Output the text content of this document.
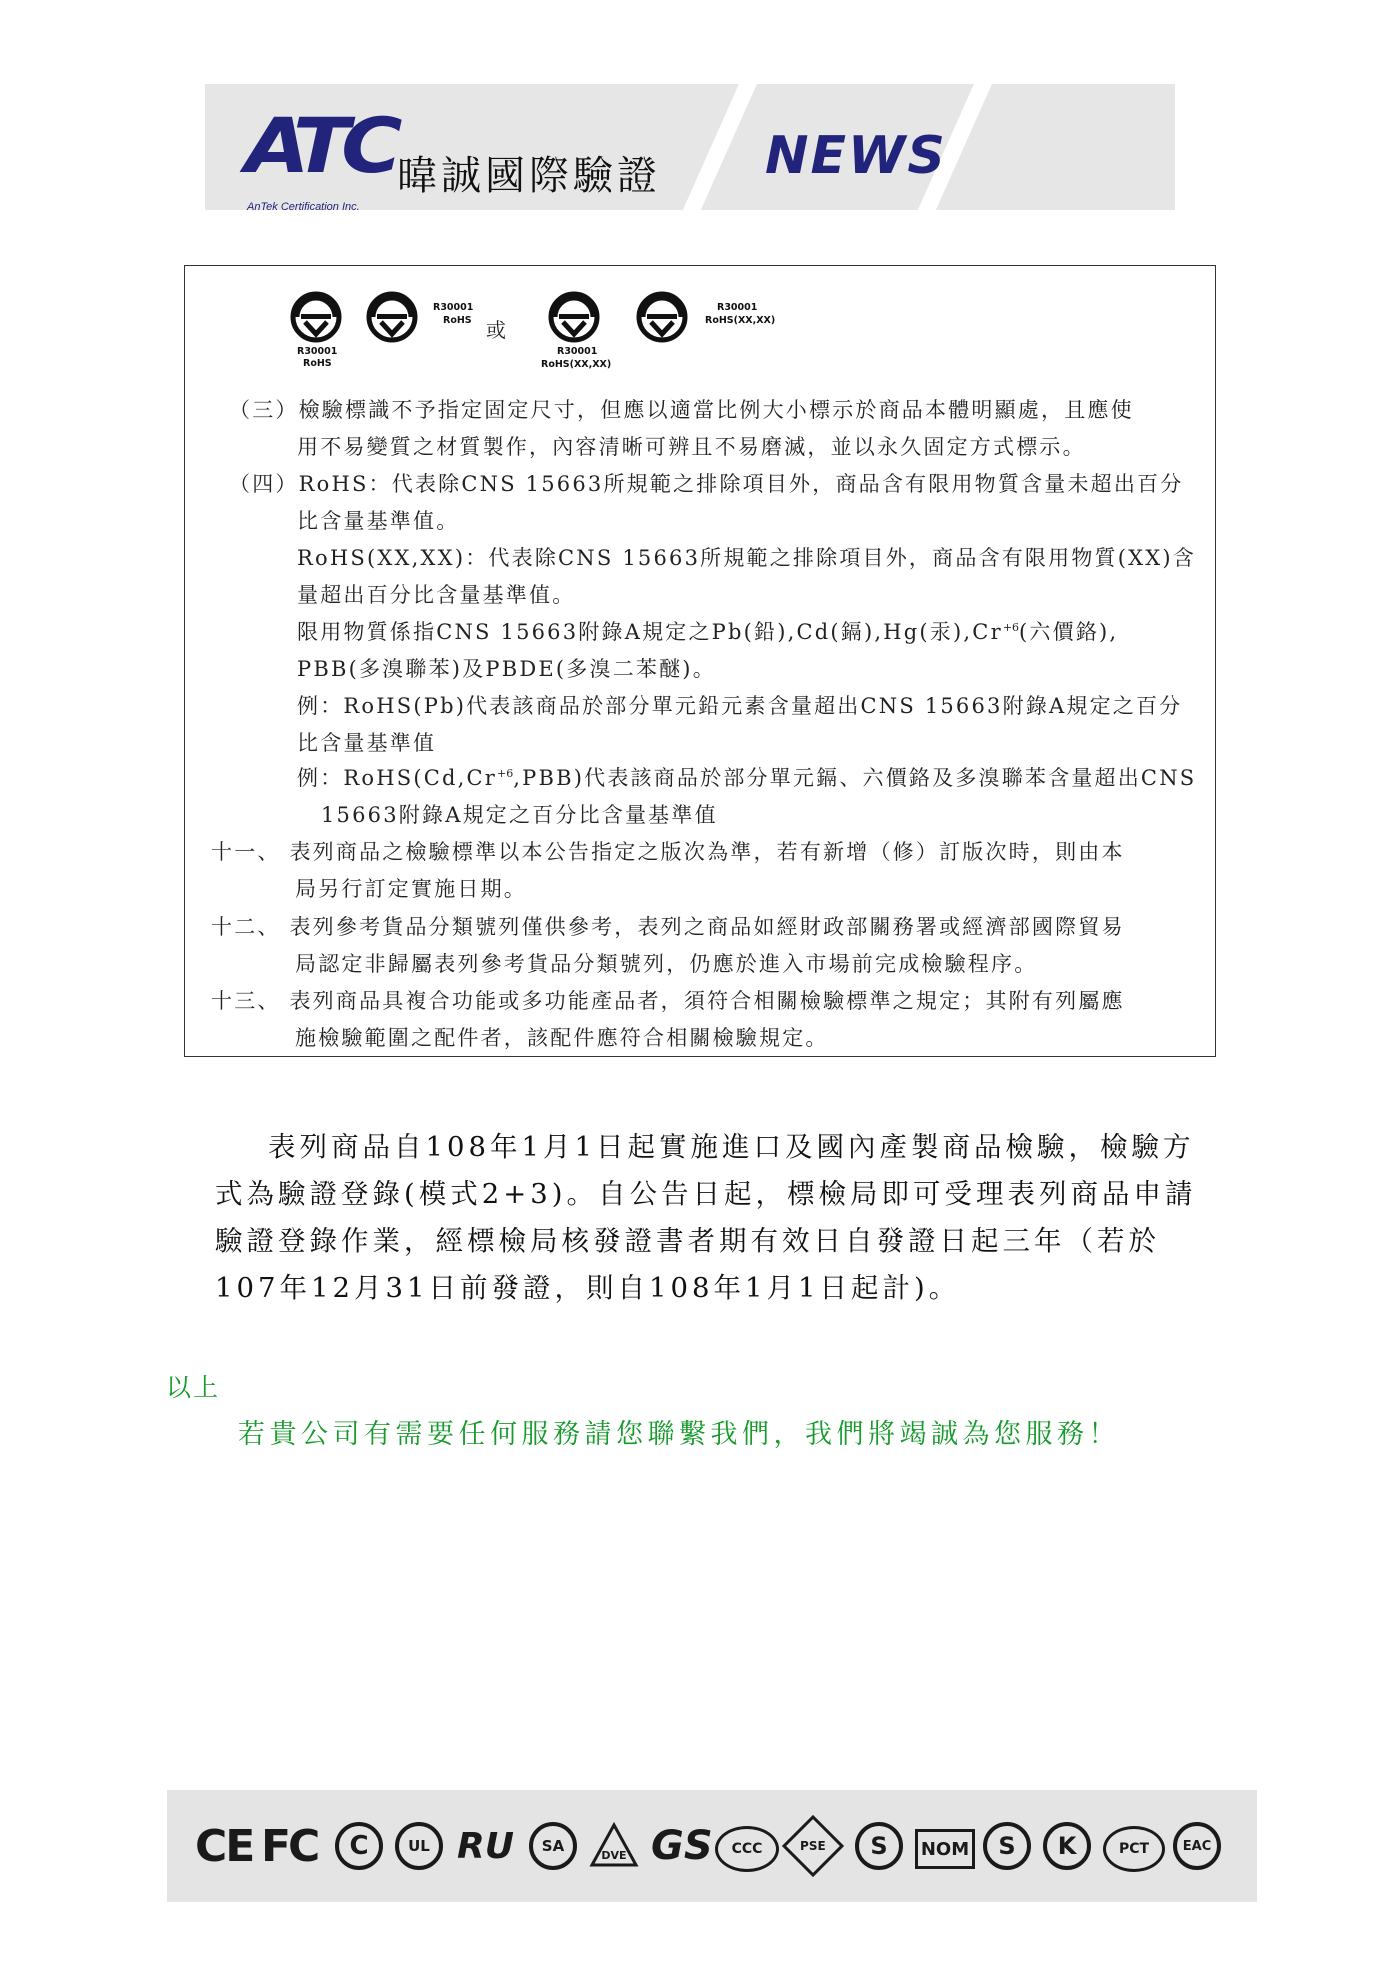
ATC
AnTek Certification Inc.
暐誠國際驗證 NEWS
R30001
RoHS
R30001
RoHS 或
R30001
RoHS(XX,XX)
R30001
RoHS(XX,XX)
（三）檢驗標識不予指定固定尺寸，但應以適當比例大小標示於商品本體明顯處，且應使
用不易變質之材質製作，內容清晰可辨且不易磨滅，並以永久固定方式標示。
（四）RoHS：代表除CNS 15663所規範之排除項目外，商品含有限用物質含量未超出百分
比含量基準值。
RoHS(XX,XX)：代表除CNS 15663所規範之排除項目外，商品含有限用物質(XX)含
量超出百分比含量基準值。
限用物質係指CNS 15663附錄A規定之Pb(鉛),Cd(鎘),Hg(汞)$,Cr^{+6}$(六價鉻),
PBB(多溴聯苯)及PBDE(多溴二苯醚)。
例：RoHS(Pb)代表該商品於部分單元鉛元素含量超出CNS 15663附錄A規定之百分
比含量基準值
例：$RoHS(Cd,Cr^{+6},PBB)$代表該商品於部分單元鎘、六價鉻及多溴聯苯含量超出CNS
15663附錄A規定之百分比含量基準值
十一、 表列商品之檢驗標準以本公告指定之版次為準，若有新增（修）訂版次時，則由本
局另行訂定實施日期。
十二、 表列參考貨品分類號列僅供參考，表列之商品如經財政部關務署或經濟部國際貿易
局認定非歸屬表列參考貨品分類號列，仍應於進入市場前完成檢驗程序。
十三、 表列商品具複合功能或多功能產品者，須符合相關檢驗標準之規定；其附有列屬應
施檢驗範圍之配件者，該配件應符合相關檢驗規定。
表列商品自108年1月1日起實施進口及國內產製商品檢驗，檢驗方
式為驗證登錄(模式2+3)。自公告日起，標檢局即可受理表列商品申請
驗證登錄作業，經標檢局核發證書者期有效日自發證日起三年（若於
107年12月31日前發證，則自108年1月1日起計)。
以上
若貴公司有需要任何服務請您聯繫我們，我們將竭誠為您服務！
CE FC	C	UL RU	SA
DVE GS	CCC	PSE	S	NOM	S	K	PCT	EAC
